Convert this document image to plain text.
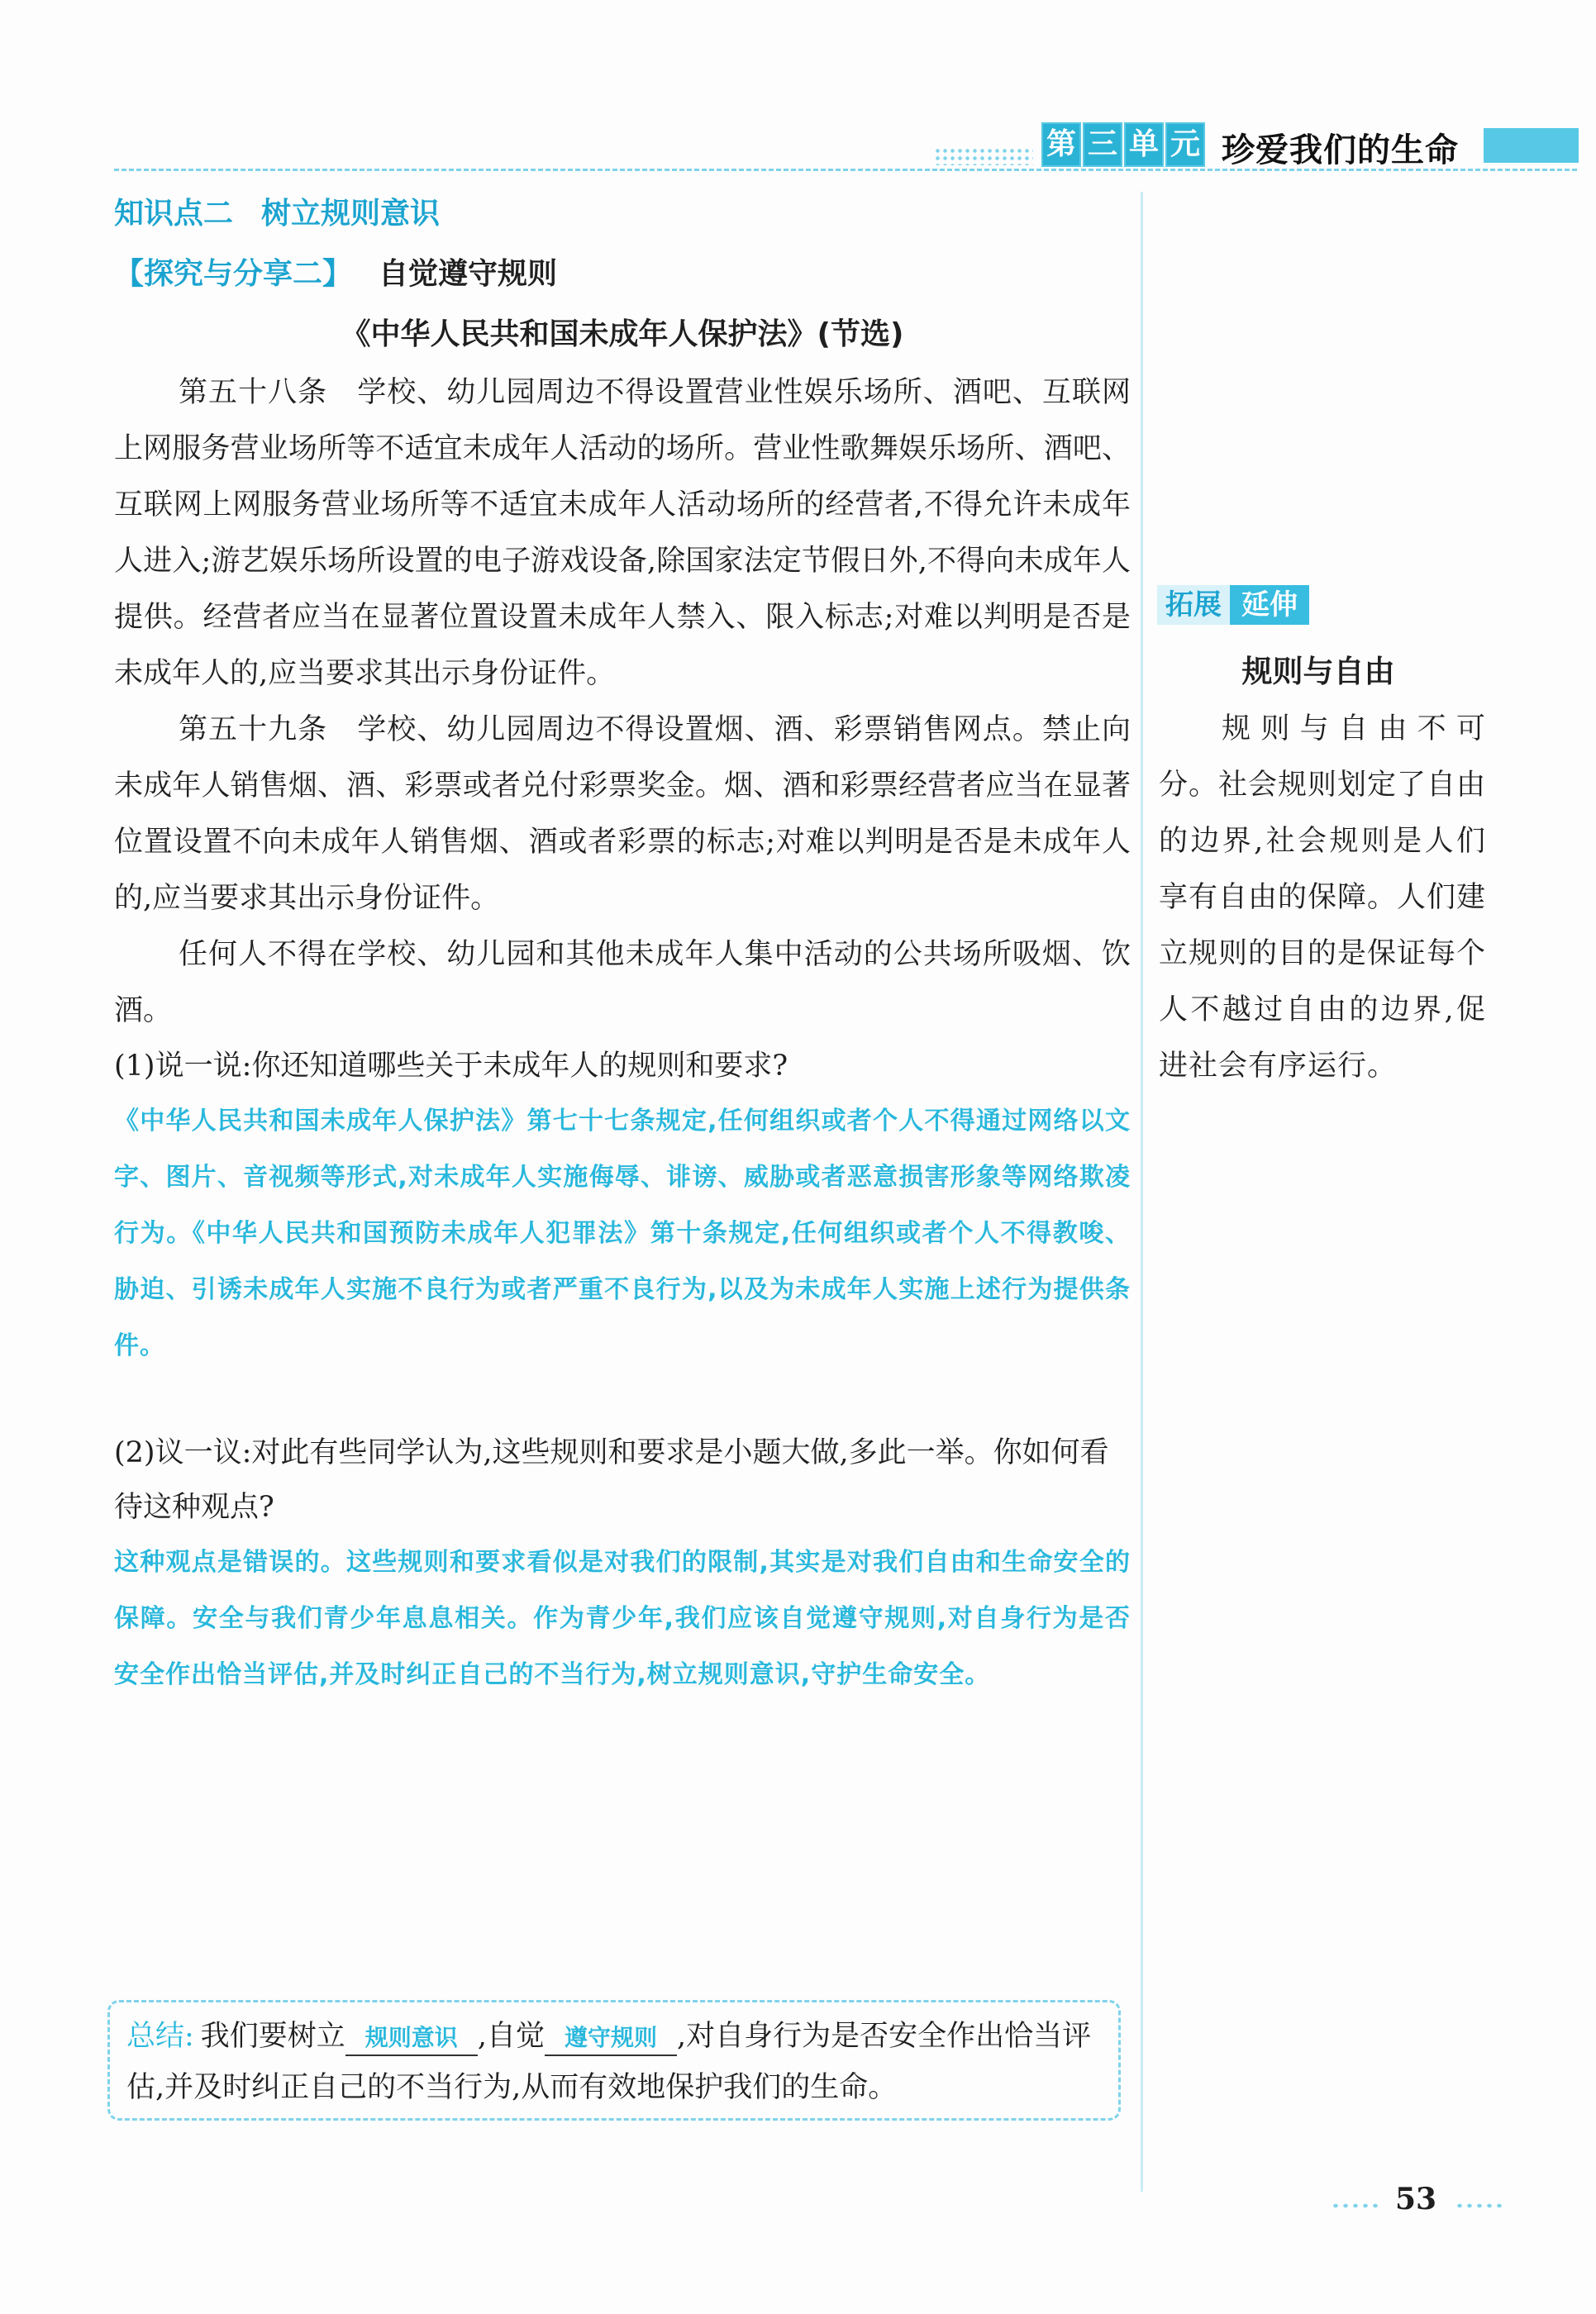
第 三 单 元 珍爱我们的生命
知识点二 树立规则意识
【探究与分享二】 自觉遵守规则
《中华人民共和国未成年人保护法》(节选)

第五十八条　学校、幼儿园周边不得设置营业性娱乐场所、酒吧、互联网上网服务营业场所等不适宜未成年人活动的场所。营业性歌舞娱乐场所、酒吧、互联网上网服务营业场所等不适宜未成年人活动场所的经营者,不得允许未成年人进入;游艺娱乐场所设置的电子游戏设备,除国家法定节假日外,不得向未成年人提供。经营者应当在显著位置设置未成年人禁入、限入标志;对难以判明是否是未成年人的,应当要求其出示身份证件。

第五十九条　学校、幼儿园周边不得设置烟、酒、彩票销售网点。禁止向未成年人销售烟、酒、彩票或者兑付彩票奖金。烟、酒和彩票经营者应当在显著位置设置不向未成年人销售烟、酒或者彩票的标志;对难以判明是否是未成年人的,应当要求其出示身份证件。

任何人不得在学校、幼儿园和其他未成年人集中活动的公共场所吸烟、饮酒。

(1)说一说:你还知道哪些关于未成年人的规则和要求?

《中华人民共和国未成年人保护法》第七十七条规定,任何组织或者个人不得通过网络以文字、图片、音视频等形式,对未成年人实施侮辱、诽谤、威胁或者恶意损害形象等网络欺凌行为。《中华人民共和国预防未成年人犯罪法》第十条规定,任何组织或者个人不得教唆、胁迫、引诱未成年人实施不良行为或者严重不良行为,以及为未成年人实施上述行为提供条件。

(2)议一议:对此有些同学认为,这些规则和要求是小题大做,多此一举。你如何看待这种观点?

这种观点是错误的。这些规则和要求看似是对我们的限制,其实是对我们自由和生命安全的保障。安全与我们青少年息息相关。作为青少年,我们应该自觉遵守规则,对自身行为是否安全作出恰当评估,并及时纠正自己的不当行为,树立规则意识,守护生命安全。

总结: 我们要树立 规则意识 ,自觉 遵守规则 ,对自身行为是否安全作出恰当评估,并及时纠正自己的不当行为,从而有效地保护我们的生命。
拓展 延伸
规则与自由

规则与自由不可分。社会规则划定了自由的边界,社会规则是人们享有自由的保障。人们建立规则的目的是保证每个人不越过自由的边界,促进社会有序运行。

53
